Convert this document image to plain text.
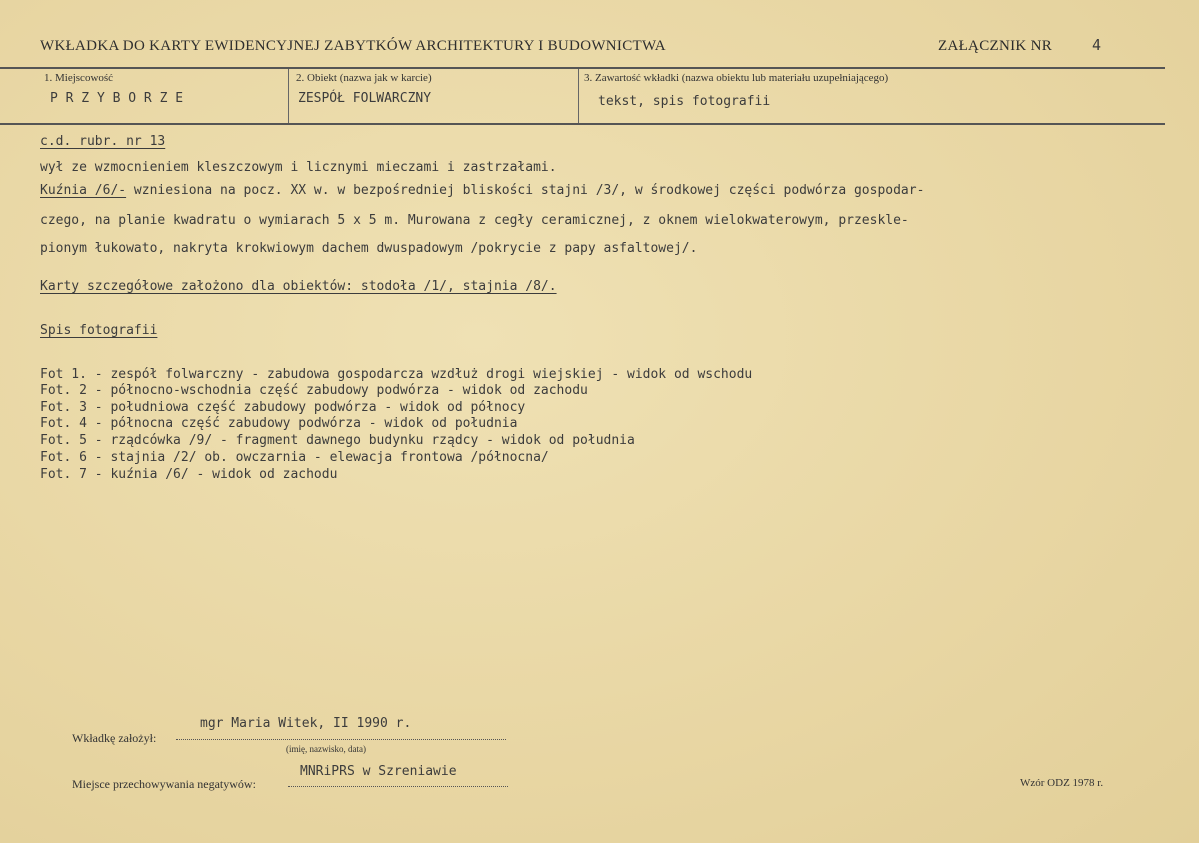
WKŁADKA DO KARTY EWIDENCYJNEJ ZABYTKÓW ARCHITEKTURY I BUDOWNICTWA	ZAŁĄCZNIK NR	4
1. Miejscowość
P R Z Y B O R Z E
2. Obiekt (nazwa jak w karcie)
ZESPÓŁ FOLWARCZNY
3. Zawartość wkładki (nazwa obiektu lub materiału uzupełniającego)
tekst, spis fotografii
c.d. rubr. nr 13
wył ze wzmocnieniem kleszczowym i licznymi mieczami i zastrzałami.
Kuźnia /6/- wzniesiona na pocz. XX w. w bezpośredniej bliskości stajni /3/, w środkowej części podwórza gospodar-
czego, na planie kwadratu o wymiarach 5 x 5 m. Murowana z cegły ceramicznej, z oknem wielokwaterowym, przeskle-
pionym łukowato, nakryta krokwiowym dachem dwuspadowym /pokrycie z papy asfaltowej/.
Karty szczegółowe założono dla obiektów: stodoła /1/, stajnia /8/.
Spis fotografii
Fot 1. - zespół folwarczny - zabudowa gospodarcza wzdłuż drogi wiejskiej - widok od wschodu
Fot. 2 - północno-wschodnia część zabudowy podwórza - widok od zachodu
Fot. 3 - południowa część zabudowy podwórza - widok od północy
Fot. 4 - północna część zabudowy podwórza - widok od południa
Fot. 5 - rządcówka /9/ - fragment dawnego budynku rządcy - widok od południa
Fot. 6 - stajnia /2/ ob. owczarnia - elewacja frontowa /północna/
Fot. 7 - kuźnia /6/ - widok od zachodu
Wkładkę założył:
mgr Maria Witek, II 1990 r.
(imię, nazwisko, data)
Miejsce przechowywania negatywów:
MNRiPRS w Szreniawie
Wzór ODZ 1978 r.
